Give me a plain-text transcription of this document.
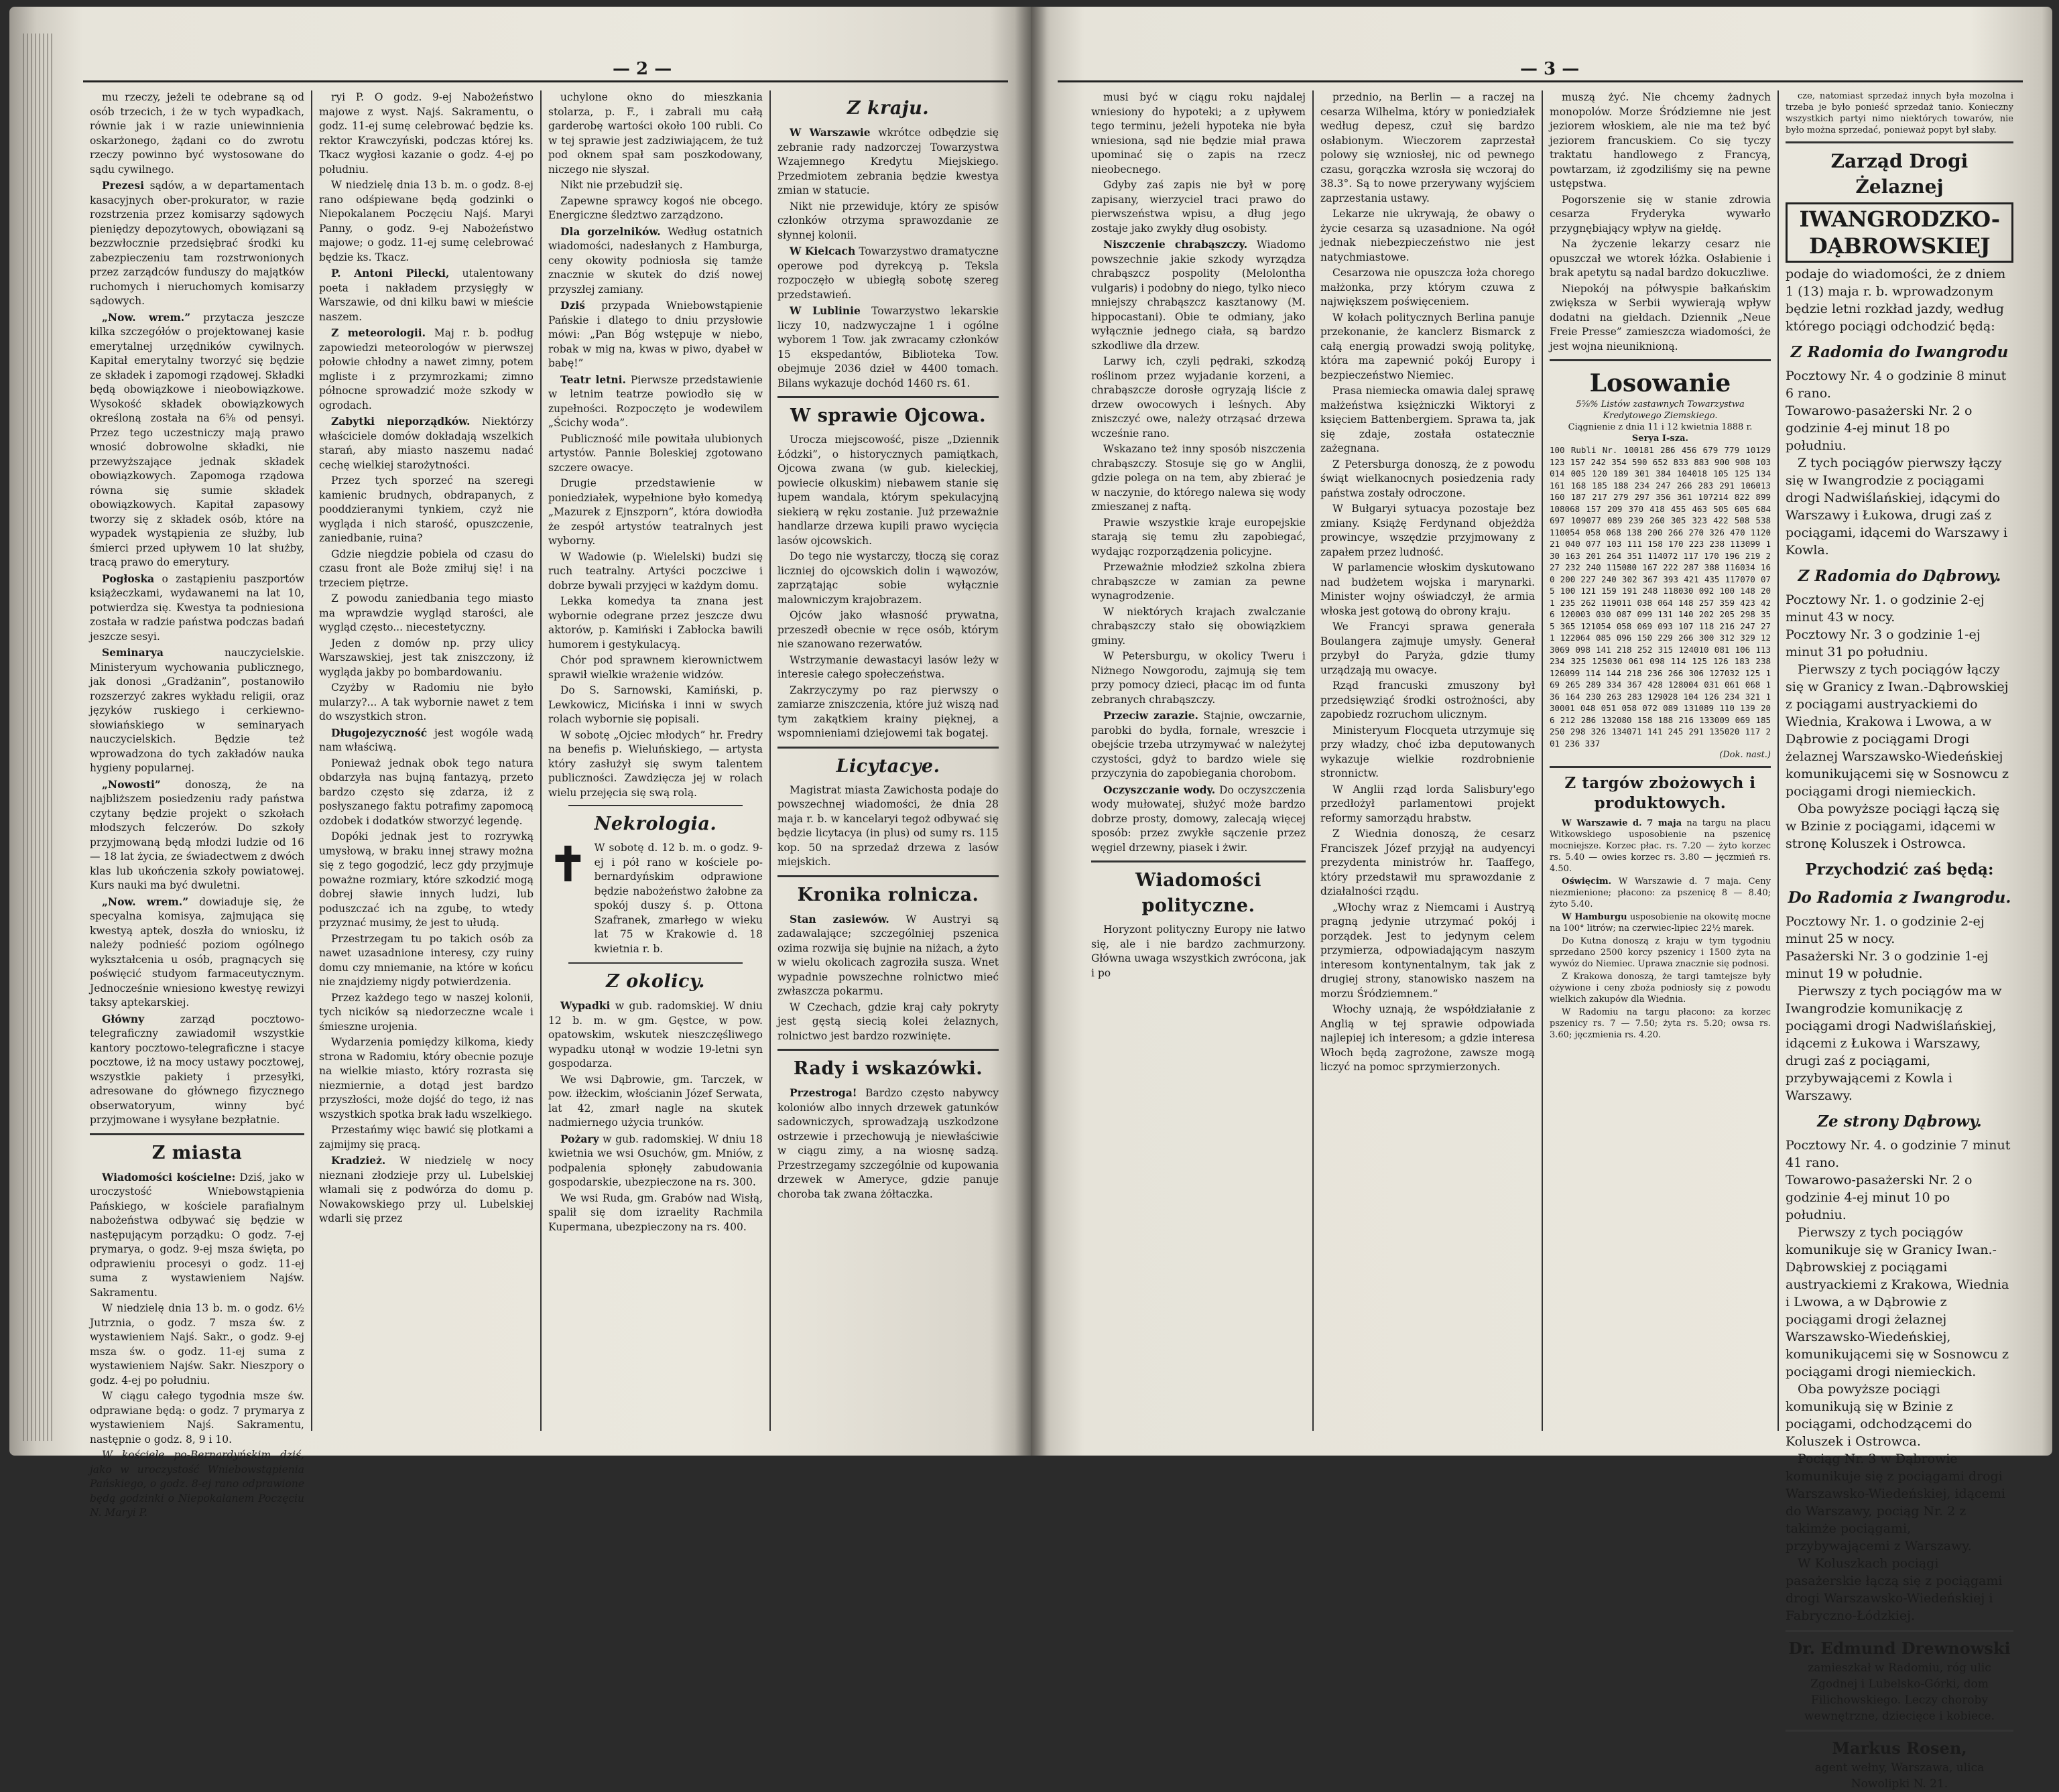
— 2 —

mu rzeczy, jeżeli te odebrane są od osób trzecich, i że w tych wypadkach, równie jak i w razie uniewinnienia oskarżonego, żądani co do zwrotu rzeczy powinno być wystosowane do sądu cywilnego.

Prezesi sądów, a w departamentach kasacyjnych ober-prokurator, w razie rozstrzenia przez komisarzy sądowych pieniędzy depozytowych, obowiązani są bezzwłocznie przedsiębrać środki ku zabezpieczeniu tam rozstrwonionych przez zarządców funduszy do majątków ruchomych i nieruchomych komisarzy sądowych.

„Now. wrem.” przytacza jeszcze kilka szczegółów o projektowanej kasie emerytalnej urzędników cywilnych. Kapitał emerytalny tworzyć się będzie ze składek i zapomogi rządowej. Składki będą obowiązkowe i nieobowiązkowe. Wysokość składek obowiązkowych określoną została na 6⅝ od pensyi. Przez tego uczestniczy mają prawo wnosić dobrowolne składki, nie przewyższające jednak składek obowiązkowych. Zapomoga rządowa równa się sumie składek obowiązkowych. Kapitał zapasowy tworzy się z składek osób, które na wypadek wystąpienia ze służby, lub śmierci przed upływem 10 lat służby, tracą prawo do emerytury.

Pogłoska o zastąpieniu paszportów książeczkami, wydawanemi na lat 10, potwierdza się. Kwestya ta podniesiona została w radzie państwa podczas badań jeszcze sesyi.

Seminarya	nauczycielskie. Ministeryum wychowania publicznego, jak donosi „Gradżanin”, postanowiło rozszerzyć zakres wykładu religii, oraz języków ruskiego i cerkiewno-słowiańskiego w seminaryach nauczycielskich. Będzie też wprowadzona do tych zakładów nauka hygieny popularnej.

„Nowosti” donoszą, że na najbliższem posiedzeniu rady państwa czytany będzie projekt o szkołach młodszych felczerów. Do szkoły przyjmowaną będą młodzi ludzie od 16 — 18 lat życia, ze świadectwem z dwóch klas lub ukończenia szkoły powiatowej. Kurs nauki ma być dwuletni.

„Now. wrem.” dowiaduje się, że specyalna komisya, zajmująca się kwestyą aptek, doszła do wniosku, iż należy podnieść poziom ogólnego wykształcenia u osób, pragnących się poświęcić studyom farmaceutycznym. Jednocześnie wniesiono kwestyę rewizyi taksy aptekarskiej.

Główny	zarząd pocztowo-telegraficzny zawiadomił wszystkie kantory pocztowo-telegraficzne i stacye pocztowe, iż na mocy ustawy pocztowej, wszystkie pakiety i przesyłki, adresowane do głównego fizycznego obserwatoryum, winny być przyjmowane i wysyłane bezpłatnie.

Z miasta

Wiadomości kościelne: Dziś, jako w uroczystość Wniebowstąpienia Pańskiego, w kościele parafialnym nabożeństwa odbywać się będzie w następującym porządku: O godz. 7-ej prymarya, o godz. 9-ej msza święta, po odprawieniu procesyi o godz. 11-ej suma z wystawieniem Najśw. Sakramentu.

W niedzielę dnia 13 b. m. o godz. 6½ Jutrznia, o godz. 7 msza św. z wystawieniem Najś. Sakr., o godz. 9-ej msza św. o godz. 11-ej suma z wystawieniem Najśw. Sakr. Nieszpory o godz. 4-ej po południu.

W ciągu całego tygodnia msze św. odprawiane będą: o godz. 7 prymarya z wystawieniem Najś. Sakramentu, następnie o godz. 8, 9 i 10.

W kościele po-Bernardyńskim dziś, jako w uroczystość Wniebowstąpienia Pańskiego, o godz. 8-ej rano odprawione będą godzinki o Niepokalanem Poczęciu N. Maryi P.

ryi P. O godz. 9-ej Nabożeństwo majowe z wyst. Najś. Sakramentu, o godz. 11-ej sumę celebrować będzie ks. rektor Krawczyński, podczas której ks. Tkacz wygłosi kazanie o godz. 4-ej po południu.

W niedzielę dnia 13 b. m. o godz. 8-ej rano odśpiewane będą godzinki o Niepokalanem Poczęciu Najś. Maryi Panny, o godz. 9-ej Nabożeństwo majowe; o godz. 11-ej sumę celebrować będzie ks. Tkacz.

P. Antoni Pilecki, utalentowany poeta i nakładem przysięgły w Warszawie, od dni kilku bawi w mieście naszem.

Z meteorologii. Maj r. b. podług zapowiedzi meteorologów w pierwszej połowie chłodny a nawet zimny, potem mgliste i z przymrozkami; zimno północne sprowadzić może szkody w ogrodach.

Zabytki nieporządków. Niektórzy właściciele domów dokładają wszelkich starań, aby miasto naszemu nadać cechę wielkiej starożytności.

Przez tych sporzeć na szeregi kamienic brudnych, obdrapanych, z pooddzieranymi tynkiem, czyż nie wygląda i nich starość, opuszczenie, zaniedbanie, ruina?

Gdzie niegdzie pobiela od czasu do czasu front ale Boże zmiłuj się! i na trzeciem piętrze.

Z powodu zaniedbania tego miasto ma wprawdzie wygląd starości, ale wygląd często... niecestetyczny.

Jeden z domów np. przy ulicy Warszawskiej, jest tak zniszczony, iż wygląda jakby po bombardowaniu.

Czyżby w Radomiu nie było mularzy?... A tak wybornie nawet z tem do wszystkich stron.

Długojezyczność jest wogóle wadą nam właściwą.

Ponieważ jednak obok tego natura obdarzyła nas bujną fantazyą, przeto bardzo często się zdarza, iż z posłyszanego faktu potrafimy zapomocą ozdobek i dodatków stworzyć legendę.

Dopóki jednak jest to rozrywką umysłową, w braku innej strawy można się z tego gogodzić, lecz gdy przyjmuje poważne rozmiary, które szkodzić mogą dobrej sławie innych ludzi, lub poduszczać ich na zgubę, to wtedy przyznać musimy, że jest to ułudą.

Przestrzegam tu po takich osób za nawet uzasadnione interesy, czy ruiny domu czy mniemanie, na które w końcu nie znajdziemy nigdy potwierdzenia.

Przez każdego tego w naszej kolonii, tych nicików są niedorzeczne wcale i śmieszne urojenia.

Wydarzenia pomiędzy kilkoma, kiedy strona w Radomiu, który obecnie pozuje na wielkie miasto, który rozrasta się niezmiernie, a dotąd jest bardzo przyszłości, może dojść do tego, iż nas wszystkich spotka brak ładu wszelkiego.

Przestańmy więc bawić się plotkami a zajmijmy się pracą.

Kradzież. W niedzielę w nocy nieznani złodzieje przy ul. Lubelskiej włamali się z podwórza do domu p. Nowakowskiego przy ul. Lubelskiej wdarli się przez

uchylone okno do mieszkania stolarza, p. F., i zabrali mu całą garderobę wartości około 100 rubli. Co w tej sprawie jest zadziwiającem, że tuż pod oknem spał sam poszkodowany, niczego nie słyszał.

Nikt nie przebudził się.

Zapewne sprawcy kogoś nie obcego. Energiczne śledztwo zarządzono.

Dla gorzelników. Według ostatnich wiadomości, nadesłanych z Hamburga, ceny okowity podniosła się tamże znacznie w skutek do dziś nowej przyszłej zamiany.

Dziś przypada Wniebowstąpienie Pańskie i dlatego to dniu przysłowie mówi: „Pan Bóg wstępuje w niebo, robak w mig na, kwas w piwo, dyabeł w babę!”

Teatr letni. Pierwsze przedstawienie w letnim teatrze powiodło się w zupełności. Rozpoczęto je wodewilem „Ścichy woda”.

Publiczność mile powitała ulubionych artystów. Pannie Boleskiej zgotowano szczere owacye.

Drugie przedstawienie w poniedziałek, wypełnione było komedyą „Mazurek z Ejnszporn”, która dowiodła że zespół artystów teatralnych jest wyborny.

W Wadowie (p. Wielelski) budzi się ruch teatralny. Artyści poczciwe i dobrze bywali przyjęci w każdym domu.

Lekka komedya ta znana jest wybornie odegrane przez jeszcze dwu aktorów, p. Kamiński i Zabłocka bawili humorem i gestykulacyą.

Chór pod sprawnem kierownictwem sprawił wielkie wrażenie widzów.

Do S. Sarnowski, Kamiński, p. Lewkowicz, Micińska i inni w swych rolach wybornie się popisali.

W sobotę „Ojciec młodych” hr. Fredry na benefis p. Wieluńskiego, — artysta który zasłużył się swym talentem publiczności. Zawdzięcza jej w rolach wielu przejęcia się swą rolą.

Nekrologia.
✝ W sobotę d. 12 b. m. o godz. 9-ej i pół rano w kościele po-bernardyńskim odprawione będzie nabożeństwo żałobne za spokój duszy ś. p. Ottona Szafranek, zmarłego w wieku lat 75 w Krakowie d. 18 kwietnia r. b.

Z okolicy.

Wypadki w gub. radomskiej. W dniu 12 b. m. w gm. Gęstce, w pow. opatowskim, wskutek nieszczęśliwego wypadku utonął w wodzie 19-letni syn gospodarza.

We wsi Dąbrowie, gm. Tarczek, w pow. iłżeckim, włościanin Józef Serwata, lat 42, zmarł nagle na skutek nadmiernego użycia trunków.

Pożary w gub. radomskiej. W dniu 18 kwietnia we wsi Osuchów, gm. Mniów, z podpalenia spłonęły zabudowania gospodarskie, ubezpieczone na rs. 300.

We wsi Ruda, gm. Grabów nad Wisłą, spalił się dom izraelity Rachmila Kupermana, ubezpieczony na rs. 400.

Z kraju.

W Warszawie wkrótce odbędzie się zebranie rady nadzorczej Towarzystwa Wzajemnego Kredytu Miejskiego. Przedmiotem zebrania będzie kwestya zmian w statucie.

Nikt nie przewiduje, który ze spisów członków otrzyma sprawozdanie ze słynnej kolonii.

W Kielcach Towarzystwo dramatyczne operowe pod dyrekcyą p. Teksla rozpoczęło w ubiegłą sobotę szereg przedstawień.

W Lublinie Towarzystwo lekarskie liczy 10, nadzwyczajne 1 i ogólne wyborem 1 Tow. jak zwracamy członków 15 ekspedantów, Biblioteka Tow. obejmuje 2036 dzieł w 4400 tomach. Bilans wykazuje dochód 1460 rs. 61.

W sprawie Ojcowa.

Urocza miejscowość, pisze „Dziennik Łódzki”, o historycznych pamiątkach, Ojcowa zwana (w gub. kieleckiej, powiecie olkuskim) niebawem stanie się łupem wandala, którym spekulacyjną siekierą w ręku zostanie. Już przeważnie handlarze drzewa kupili prawo wycięcia lasów ojcowskich.

Do tego nie wystarczy, tłoczą się coraz liczniej do ojcowskich dolin i wąwozów, zaprzątając sobie wyłącznie malowniczym krajobrazem.

Ojców jako własność prywatna, przeszedł obecnie w ręce osób, którym nie szanowano rezerwatów.

Wstrzymanie dewastacyi lasów leży w interesie całego społeczeństwa.

Zakrzyczymy po raz pierwszy o zamiarze zniszczenia, które już wiszą nad tym zakątkiem krainy pięknej, a wspomnieniami dziejowemi tak bogatej.

Licytacye.

Magistrat miasta Zawichosta podaje do powszechnej wiadomości, że dnia 28 maja r. b. w kancelaryi tegoż odbywać się będzie licytacya (in plus) od sumy rs. 115 kop. 50 na sprzedaż drzewa z lasów miejskich.

Kronika rolnicza.

Stan zasiewów. W Austryi są zadawalające; szczególniej pszenica ozima rozwija się bujnie na niżach, a żyto w wielu okolicach zagroziła susza. Wnet wypadnie powszechne rolnictwo mieć zwłaszcza pokarmu.

W Czechach, gdzie kraj cały pokryty jest gęstą siecią kolei żelaznych, rolnictwo jest bardzo rozwinięte.

Rady i wskazówki.

Przestroga! Bardzo często nabywcy koloniów albo innych drzewek gatunków sadowniczych, sprowadzają uszkodzone ostrzewie i przechowują je niewłaściwie w ciągu zimy, a na wiosnę sadzą. Przestrzegamy szczególnie od kupowania drzewek w Ameryce, gdzie panuje choroba tak zwana żółtaczka.

— 3 —

musi być w ciągu roku najdalej wniesiony do hypoteki; a z upływem tego terminu, jeżeli hypoteka nie była wniesiona, sąd nie będzie miał prawa upominać się o zapis na rzecz nieobecnego.

Gdyby zaś zapis nie był w porę zapisany, wierzyciel traci prawo do pierwszeństwa wpisu, a dług jego zostaje jako zwykły dług osobisty.

Niszczenie chrabąszczy. Wiadomo powszechnie jakie szkody wyrządza chrabąszcz pospolity (Melolontha vulgaris) i podobny do niego, tylko nieco mniejszy chrabąszcz kasztanowy (M. hippocastani). Obie te odmiany, jako wyłącznie jednego ciała, są bardzo szkodliwe dla drzew.

Larwy ich, czyli pędraki, szkodzą roślinom przez wyjadanie korzeni, a chrabąszcze dorosłe ogryzają liście z drzew owocowych i leśnych. Aby zniszczyć owe, należy otrząsać drzewa wcześnie rano.

Wskazano też inny sposób niszczenia chrabąszczy. Stosuje się go w Anglii, gdzie polega on na tem, aby zbierać je w naczynie, do którego nalewa się wody zmieszanej z naftą.

Prawie wszystkie kraje europejskie starają się temu złu zapobiegać, wydając rozporządzenia policyjne.

Przeważnie młodzież szkolna zbiera chrabąszcze w zamian za pewne wynagrodzenie.

W niektórych krajach zwalczanie chrabąszczy stało się obowiązkiem gminy.

W Petersburgu, w okolicy Tweru i Niżnego Nowgorodu, zajmują się tem przy pomocy dzieci, płacąc im od funta zebranych chrabąszczy.

Przeciw zarazie. Stajnie, owczarnie, parobki do bydła, fornale, wreszcie i obejście trzeba utrzymywać w należytej czystości, gdyż to bardzo wiele się przyczynia do zapobiegania chorobom.

Oczyszczanie wody. Do oczyszczenia wody mułowatej, służyć może bardzo dobrze prosty, domowy, zalecają więcej sposób: przez zwykłe sączenie przez węgiel drzewny, piasek i żwir.

Wiadomości polityczne.

Horyzont polityczny Europy nie łatwo się, ale i nie bardzo zachmurzony. Główna uwaga wszystkich zwrócona, jak i po

przednio, na Berlin — a raczej na cesarza Wilhelma, który w poniedziałek według depesz, czuł się bardzo osłabionym. Wieczorem zaprzestał polowy się wzniosłej, nic od pewnego czasu, gorączka wzrosła się wczoraj do 38.3°. Są to nowe przerywany wyjściem zaprzestania ustawy.

Lekarze nie ukrywają, że obawy o życie cesarza są uzasadnione. Na ogół jednak niebezpieczeństwo nie jest natychmiastowe.

Cesarzowa nie opuszcza łoża chorego małżonka, przy którym czuwa z największem poświęceniem.

W kołach politycznych Berlina panuje przekonanie, że kanclerz Bismarck z całą energią prowadzi swoją politykę, która ma zapewnić pokój Europy i bezpieczeństwo Niemiec.

Prasa niemiecka omawia dalej sprawę małżeństwa księżniczki Wiktoryi z księciem Battenbergiem. Sprawa ta, jak się zdaje, została ostatecznie zażegnana.

Z Petersburga donoszą, że z powodu świąt wielkanocnych posiedzenia rady państwa zostały odroczone.

W Bułgaryi sytuacya pozostaje bez zmiany. Książę Ferdynand objeżdża prowincye, wszędzie przyjmowany z zapałem przez ludność.

W parlamencie włoskim dyskutowano nad budżetem wojska i marynarki. Minister wojny oświadczył, że armia włoska jest gotową do obrony kraju.

We Francyi sprawa generała Boulangera zajmuje umysły. Generał przybył do Paryża, gdzie tłumy urządzają mu owacye.

Rząd francuski zmuszony był przedsięwziąć środki ostrożności, aby zapobiedz rozruchom ulicznym.

Ministeryum Flocqueta utrzymuje się przy władzy, choć izba deputowanych wykazuje wielkie rozdrobnienie stronnictw.

W Anglii rząd lorda Salisbury'ego przedłożył parlamentowi projekt reformy samorządu hrabstw.

Z Wiednia donoszą, że cesarz Franciszek Józef przyjął na audyencyi prezydenta ministrów hr. Taaffego, który przedstawił mu sprawozdanie z działalności rządu.

„Włochy wraz z Niemcami i Austryą pragną jedynie utrzymać pokój i porządek. Jest to jedynym celem przymierza, odpowiadającym naszym interesom kontynentalnym, tak jak z drugiej strony, stanowisko naszem na morzu Śródziemnem.”

Włochy uznają, że współdziałanie z Anglią w tej sprawie odpowiada najlepiej ich interesom; a gdzie interesa Włoch będą zagrożone, zawsze mogą liczyć na pomoc sprzymierzonych.

muszą żyć. Nie chcemy żadnych monopolów. Morze Śródziemne nie jest jeziorem włoskiem, ale nie ma też być jeziorem francuskiem. Co się tyczy traktatu handlowego z Francyą, powtarzam, iż zgodziliśmy się na pewne ustępstwa.

Pogorszenie się w stanie zdrowia cesarza Fryderyka wywarło przygnębiający wpływ na giełdę.

Na życzenie lekarzy cesarz nie opuszczał we wtorek łóżka. Osłabienie i brak apetytu są nadal bardzo dokuczliwe.

Niepokój na półwyspie bałkańskim zwiększa w Serbii wywierają wpływ dodatni na giełdach. Dziennik „Neue Freie Presse” zamieszcza wiadomości, że jest wojna nieuniknioną.

Losowanie

5⅝% Listów zastawnych Towarzystwa Kredytowego Ziemskiego.

Ciągnienie z dnia 11 i 12 kwietnia 1888 r.

Serya I-sza.

100 Rubli Nr. 100181 286 456 679 779 10129 123 157 242 354 590 652 833 883 900 908 103014 005 120 189 301 384 104018 105 125 134 161 168 185 188 234 247 266 283 291 106013 160 187 217 279 297 356 361 107214 822 899 108068 157 209 370 418 455 463 505 605 684 697 109077 089 239 260 305 323 422 508 538 110054 058 068 138 200 266 270 326 470 112021 040 077 103 111 158 170 223 238 113099 130 163 201 264 351 114072 117 170 196 219 227 232 240 115080 167 222 287 388 116034 160 200 227 240 302 367 393 421 435 117070 075 100 121 159 191 248 118030 092 100 148 201 235 262 119011 038 064 148 257 359 423 426 120003 030 087 099 131 140 202 205 298 355 365 121054 058 069 093 107 118 216 247 271 122064 085 096 150 229 266 300 312 329 123069 098 141 218 252 315 124010 081 106 113 234 325 125030 061 098 114 125 126 183 238 126099 114 144 218 236 266 306 127032 125 169 265 289 334 367 428 128004 031 061 068 136 164 230 263 283 129028 104 126 234 321 130001 048 051 058 072 089 131089 110 139 206 212 286 132080 158 188 216 133009 069 185 250 298 326 134071 141 245 291 135020 117 201 236 337

(Dok. nast.)

Z targów zbożowych i produktowych.

W Warszawie d. 7 maja na targu na placu Witkowskiego usposobienie na pszenicę mocniejsze. Korzec płac. rs. 7.20 — żyto korzec rs. 5.40 — owies korzec rs. 3.80 — jęczmień rs. 4.50.

Oświęcim. W Warszawie d. 7 maja. Ceny niezmienione; płacono: za pszenicę 8 — 8.40; żyto 5.40.

W Hamburgu usposobienie na okowitę mocne na 100° litrów; na czerwiec-lipiec 22½ marek.

Do Kutna donoszą z kraju w tym tygodniu sprzedano 2500 korcy pszenicy i 1500 żyta na wywóz do Niemiec. Uprawa znacznie się podnosi.

Z Krakowa donoszą, że targi tamtejsze były ożywione i ceny zboża podniosły się z powodu wielkich zakupów dla Wiednia.

W Radomiu na targu płacono: za korzec pszenicy rs. 7 — 7.50; żyta rs. 5.20; owsa rs. 3.60; jęczmienia rs. 4.20.

cze, natomiast sprzedaż innych była mozolna i trzeba je było ponieść sprzedaż tanio. Konieczny wszystkich partyi nimo niektórych towarów, nie było można sprzedać, ponieważ popyt był słaby.

Zarząd Drogi Żelaznej
IWANGRODZKO-DĄBROWSKIEJ

podaje do wiadomości, że z dniem 1 (13) maja r. b. wprowadzonym będzie letni rozkład jazdy, według którego pociągi odchodzić będą:

Z Radomia do Iwangrodu

Pocztowy Nr. 4 o godzinie 8 minut 6 rano.

Towarowo-pasażerski Nr. 2 o godzinie 4-ej minut 18 po południu.

Z tych pociągów pierwszy łączy się w Iwangrodzie z pociągami drogi Nadwiślańskiej, idącymi do Warszawy i Łukowa, drugi zaś z pociągami, idącemi do Warszawy i Kowla.

Z Radomia do Dąbrowy.

Pocztowy Nr. 1. o godzinie 2-ej minut 43 w nocy.

Pocztowy Nr. 3 o godzinie 1-ej minut 31 po południu.

Pierwszy z tych pociągów łączy się w Granicy z Iwan.-Dąbrowskiej z pociągami austryackiemi do Wiednia, Krakowa i Lwowa, a w Dąbrowie z pociągami Drogi żelaznej Warszawsko-Wiedeńskiej komunikującemi się w Sosnowcu z pociągami drogi niemieckich.

Oba powyższe pociągi łączą się w Bzinie z pociągami, idącemi w stronę Koluszek i Ostrowca.

Przychodzić zaś będą:
Do Radomia z Iwangrodu.

Pocztowy Nr. 1. o godzinie 2-ej minut 25 w nocy.

Pasażerski Nr. 3 o godzinie 1-ej minut 19 w południe.

Pierwszy z tych pociągów ma w Iwangrodzie komunikację z pociągami drogi Nadwiślańskiej, idącemi z Łukowa i Warszawy, drugi zaś z pociągami, przybywającemi z Kowla i Warszawy.

Ze strony Dąbrowy.

Pocztowy Nr. 4. o godzinie 7 minut 41 rano.

Towarowo-pasażerski Nr. 2 o godzinie 4-ej minut 10 po południu.

Pierwszy z tych pociągów komunikuje się w Granicy Iwan.-Dąbrowskiej z pociągami austryackiemi z Krakowa, Wiednia i Lwowa, a w Dąbrowie z pociągami drogi żelaznej Warszawsko-Wiedeńskiej, komunikującemi się w Sosnowcu z pociągami drogi niemieckich.

Oba powyższe pociągi komunikują się w Bzinie z pociągami, odchodzącemi do Koluszek i Ostrowca.

Pociąg Nr. 3 w Dąbrowie komunikuje się z pociągami drogi Warszawsko-Wiedeńskiej, idącemi do Warszawy, pociąg Nr. 2 z takimże pociągami, przybywającemi z Warszawy.

W Koluszkach pociągi pasażerskie łączą się z pociągami drogi Warszawsko-Wiedeńskiej i Fabryczno-Łódzkiej.

Dr. Edmund Drewnowski

zamieszkał w Radomiu, róg ulic Zgodnej i Lubelsko-Górki, dom Filichowskiego. Leczy choroby wewnętrzne, dziecięce i kobiece.

Markus Rosen,

agent wełny, Warszawa, ulica Nowolipki N. 21.
